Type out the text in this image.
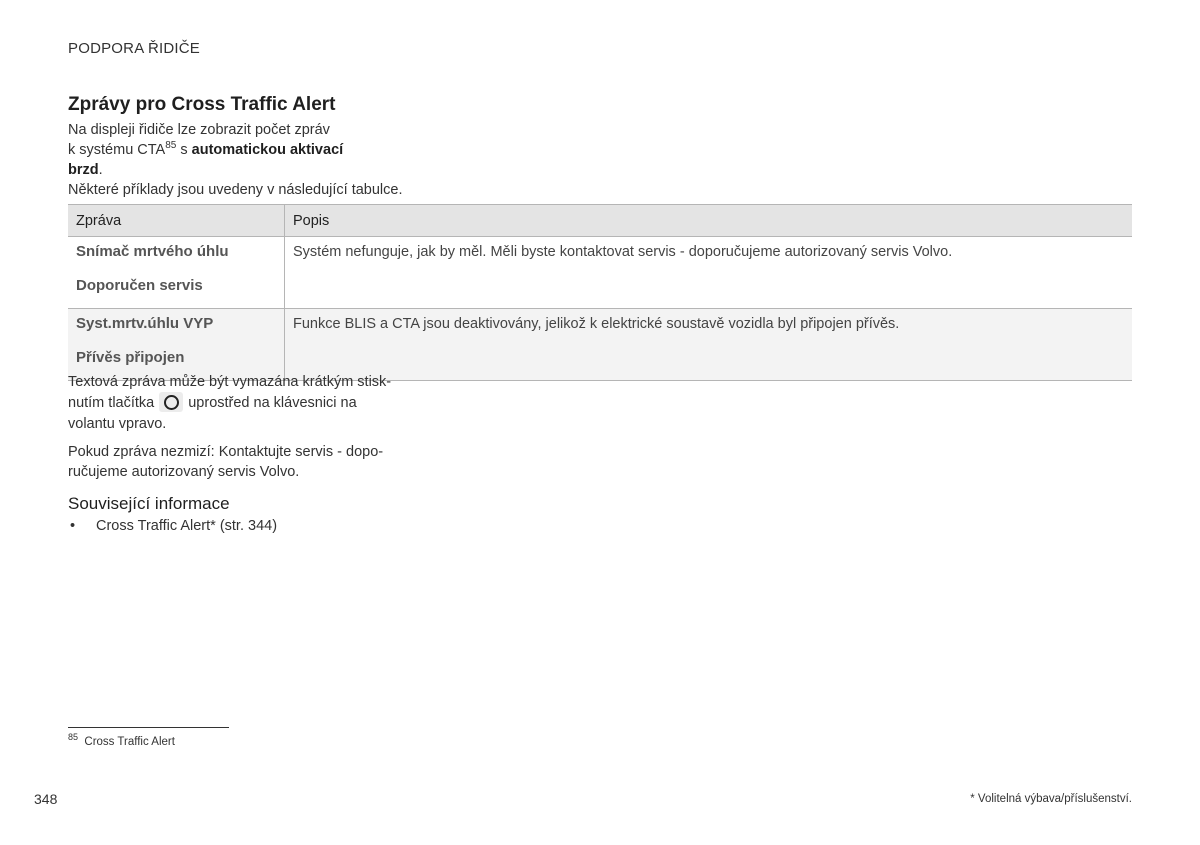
PODPORA ŘIDIČE
Zprávy pro Cross Traffic Alert

Na displeji řidiče lze zobrazit počet zpráv

k systému CTA$^{85}$ s automatickou aktivací

brzd.

Některé příklady jsou uvedeny v následující tabulce.

Zpráva	Popis

Snímač mrtvého úhlu
Doporučen servis	Systém nefunguje, jak by měl. Měli byste kontaktovat servis - doporučujeme autorizovaný servis Volvo.

Syst.mrtv.úhlu VYP
Přívěs připojen	Funkce BLIS a CTA jsou deaktivovány, jelikož k elektrické soustavě vozidla byl připojen přívěs.

Textová zpráva může být vymazána krátkým stisk-
nutím tlačítka uprostřed na klávesnici na
volantu vpravo.

Pokud zpráva nezmizí: Kontaktujte servis - dopo-
ručujeme autorizovaný servis Volvo.

Související informace
• Cross Traffic Alert* (str. 344)
$^{85}$ Cross Traffic Alert
348	* Volitelná výbava/příslušenství.
